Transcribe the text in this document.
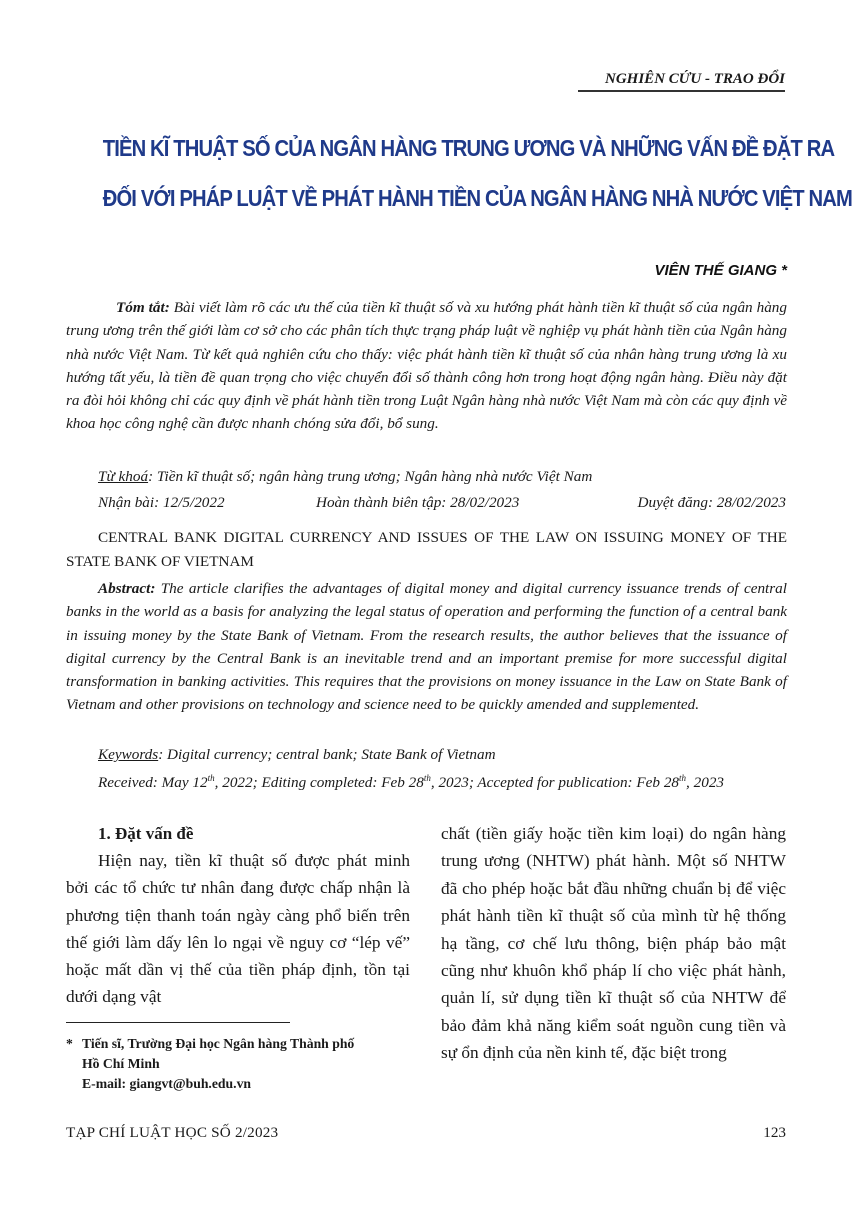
NGHIÊN CỨU - TRAO ĐỔI
TIỀN KĨ THUẬT SỐ CỦA NGÂN HÀNG TRUNG ƯƠNG VÀ NHỮNG VẤN ĐỀ ĐẶT RA
ĐỐI VỚI PHÁP LUẬT VỀ PHÁT HÀNH TIỀN CỦA NGÂN HÀNG NHÀ NƯỚC VIỆT NAM
VIÊN THẾ GIANG *

Tóm tắt: Bài viết làm rõ các ưu thế của tiền kĩ thuật số và xu hướng phát hành tiền kĩ thuật số của ngân hàng trung ương trên thế giới làm cơ sở cho các phân tích thực trạng pháp luật về nghiệp vụ phát hành tiền của Ngân hàng nhà nước Việt Nam. Từ kết quả nghiên cứu cho thấy: việc phát hành tiền kĩ thuật số của nhân hàng trung ương là xu hướng tất yếu, là tiền đề quan trọng cho việc chuyển đổi số thành công hơn trong hoạt động ngân hàng. Điều này đặt ra đòi hỏi không chỉ các quy định về phát hành tiền trong Luật Ngân hàng nhà nước Việt Nam mà còn các quy định về khoa học công nghệ cần được nhanh chóng sửa đổi, bổ sung.

Từ khoá: Tiền kĩ thuật số; ngân hàng trung ương; Ngân hàng nhà nước Việt Nam
Nhận bài: 12/5/2022	Hoàn thành biên tập: 28/02/2023	Duyệt đăng: 28/02/2023

CENTRAL BANK DIGITAL CURRENCY AND ISSUES OF THE LAW ON ISSUING MONEY OF THE STATE BANK OF VIETNAM

Abstract: The article clarifies the advantages of digital money and digital currency issuance trends of central banks in the world as a basis for analyzing the legal status of operation and performing the function of a central bank in issuing money by the State Bank of Vietnam. From the research results, the author believes that the issuance of digital currency by the Central Bank is an inevitable trend and an important premise for more successful digital transformation in banking activities. This requires that the provisions on money issuance in the Law on State Bank of Vietnam and other provisions on technology and science need to be quickly amended and supplemented.

Keywords: Digital currency; central bank; State Bank of Vietnam
Received: May 12th, 2022; Editing completed: Feb 28th, 2023; Accepted for publication: Feb 28th, 2023

1. Đặt vấn đề

Hiện nay, tiền kĩ thuật số được phát minh bởi các tổ chức tư nhân đang được chấp nhận là phương tiện thanh toán ngày càng phổ biến trên thế giới làm dấy lên lo ngại về nguy cơ “lép vế” hoặc mất dần vị thế của tiền pháp định, tồn tại dưới dạng vật

chất (tiền giấy hoặc tiền kim loại) do ngân hàng trung ương (NHTW) phát hành. Một số NHTW đã cho phép hoặc bắt đầu những chuẩn bị để việc phát hành tiền kĩ thuật số của mình từ hệ thống hạ tầng, cơ chế lưu thông, biện pháp bảo mật cũng như khuôn khổ pháp lí cho việc phát hành, quản lí, sử dụng tiền kĩ thuật số của NHTW để bảo đảm khả năng kiểm soát nguồn cung tiền và sự ổn định của nền kinh tế, đặc biệt trong

* Tiến sĩ, Trường Đại học Ngân hàng Thành phố
Hồ Chí Minh
E-mail: giangvt@buh.edu.vn
TẠP CHÍ LUẬT HỌC SỐ 2/2023	123
